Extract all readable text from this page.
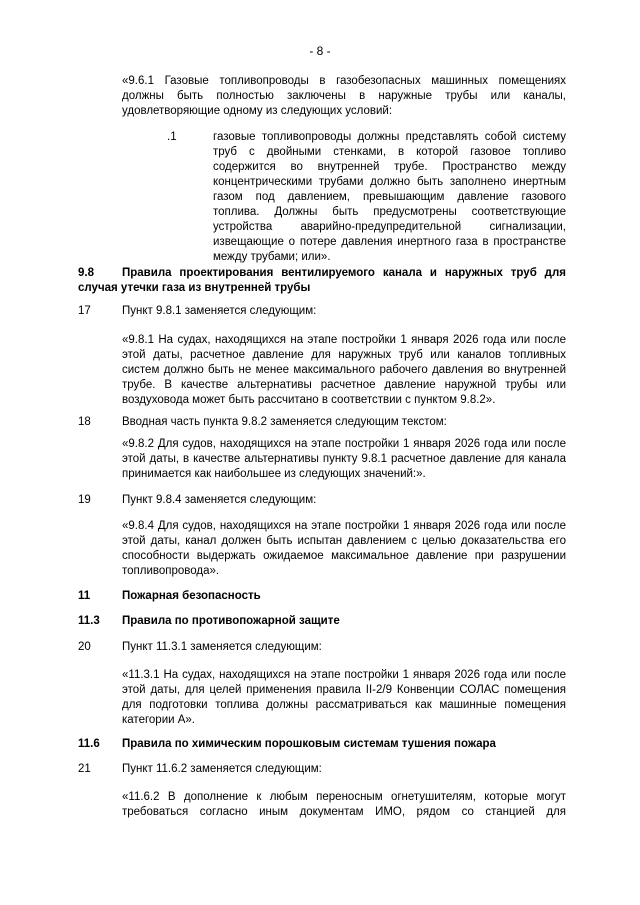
- 8 -
«9.6.1 Газовые топливопроводы в газобезопасных машинных помещениях должны быть полностью заключены в наружные трубы или каналы, удовлетворяющие одному из следующих условий:
.1	газовые топливопроводы должны представлять собой систему труб с двойными стенками, в которой газовое топливо содержится во внутренней трубе. Пространство между концентрическими трубами должно быть заполнено инертным газом под давлением, превышающим давление газового топлива. Должны быть предусмотрены соответствующие устройства аварийно-предупредительной сигнализации, извещающие о потере давления инертного газа в пространстве между трубами; или».
9.8	Правила проектирования вентилируемого канала и наружных труб для случая утечки газа из внутренней трубы
17	Пункт 9.8.1 заменяется следующим:
«9.8.1 На судах, находящихся на этапе постройки 1 января 2026 года или после этой даты, расчетное давление для наружных труб или каналов топливных систем должно быть не менее максимального рабочего давления во внутренней трубе. В качестве альтернативы расчетное давление наружной трубы или воздуховода может быть рассчитано в соответствии с пунктом 9.8.2».
18	Вводная часть пункта 9.8.2 заменяется следующим текстом:
«9.8.2 Для судов, находящихся на этапе постройки 1 января 2026 года или после этой даты, в качестве альтернативы пункту 9.8.1 расчетное давление для канала принимается как наибольшее из следующих значений:».
19	Пункт 9.8.4 заменяется следующим:
«9.8.4 Для судов, находящихся на этапе постройки 1 января 2026 года или после этой даты, канал должен быть испытан давлением с целью доказательства его способности выдержать ожидаемое максимальное давление при разрушении топливопровода».
11	Пожарная безопасность
11.3 Правила по противопожарной защите
20	Пункт 11.3.1 заменяется следующим:
«11.3.1 На судах, находящихся на этапе постройки 1 января 2026 года или после этой даты, для целей применения правила II-2/9 Конвенции СОЛАС помещения для подготовки топлива должны рассматриваться как машинные помещения категории А».
11.6 Правила по химическим порошковым системам тушения пожара
21	Пункт 11.6.2 заменяется следующим:
«11.6.2 В дополнение к любым переносным огнетушителям, которые могут требоваться согласно иным документам ИМО, рядом со станцией для
